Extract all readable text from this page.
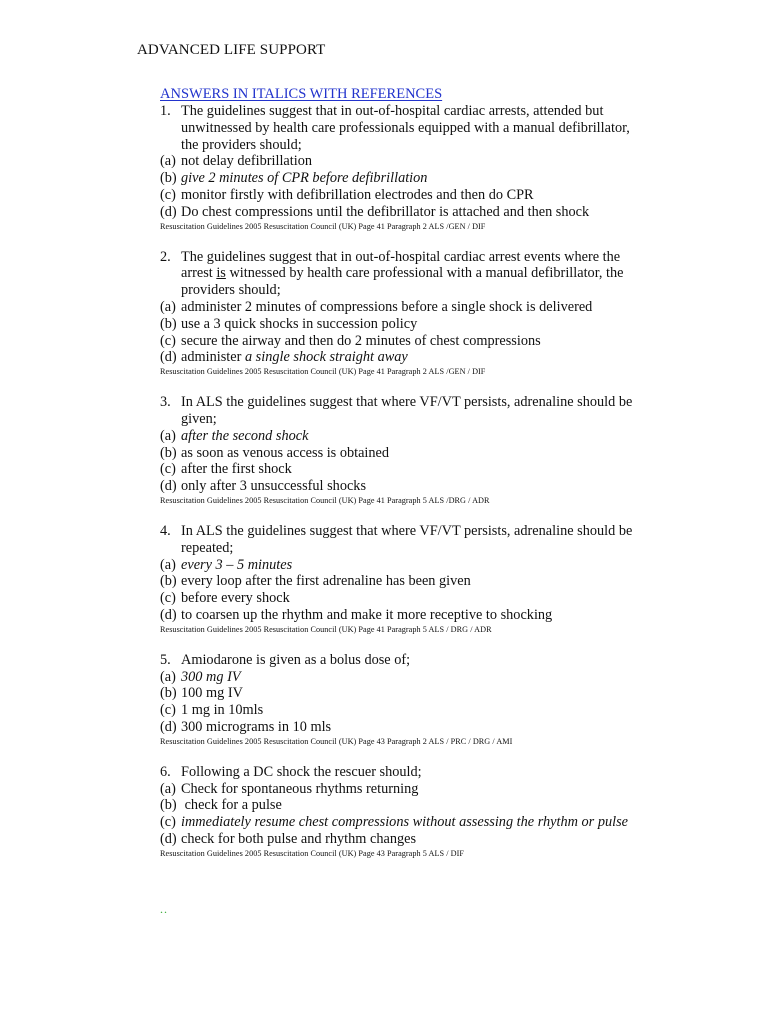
ADVANCED LIFE SUPPORT
ANSWERS IN ITALICS WITH REFERENCES
1. The guidelines suggest that in out-of-hospital cardiac arrests, attended but unwitnessed by health care professionals equipped with a manual defibrillator, the providers should;
(a) not delay defibrillation
(b) give 2 minutes of CPR before defibrillation
(c) monitor firstly with defibrillation electrodes and then do CPR
(d) Do chest compressions until the defibrillator is attached and then shock
Resuscitation Guidelines 2005 Resuscitation Council (UK) Page 41 Paragraph 2 ALS /GEN / DIF
2. The guidelines suggest that in out-of-hospital cardiac arrest events where the arrest is witnessed by health care professional with a manual defibrillator, the providers should;
(a) administer 2 minutes of compressions before a single shock is delivered
(b) use a 3 quick shocks in succession policy
(c) secure the airway and then do 2 minutes of chest compressions
(d) administer
a single shock straight away
Resuscitation Guidelines 2005 Resuscitation Council (UK) Page 41 Paragraph 2 ALS /GEN / DIF
3. In ALS the guidelines suggest that where VF/VT persists, adrenaline should be given;
(a) after the second shock
(b) as soon as venous access is obtained
(c) after the first shock
(d) only after 3 unsuccessful shocks
Resuscitation Guidelines 2005 Resuscitation Council (UK) Page 41 Paragraph 5 ALS /DRG / ADR
4. In ALS the guidelines suggest that where VF/VT persists, adrenaline should be repeated;
(a) every 3 – 5 minutes
(b) every loop after the first adrenaline has been given
(c) before every shock
(d) to coarsen up the rhythm and make it more receptive to shocking
Resuscitation Guidelines 2005 Resuscitation Council (UK) Page 41 Paragraph 5 ALS / DRG / ADR
5. Amiodarone is given as a bolus dose of;
(a) 300 mg IV
(b) 100 mg IV
(c) 1 mg in 10mls
(d) 300 micrograms in 10 mls
Resuscitation Guidelines 2005 Resuscitation Council (UK) Page 43 Paragraph 2 ALS / PRC / DRG / AMI
6. Following a DC shock the rescuer should;
(a) Check for spontaneous rhythms returning
(b) check for a pulse
(c) immediately resume chest compressions without assessing the rhythm or pulse
(d) check for both pulse and rhythm changes
Resuscitation Guidelines 2005 Resuscitation Council (UK) Page 43 Paragraph 5 ALS / DIF
..
